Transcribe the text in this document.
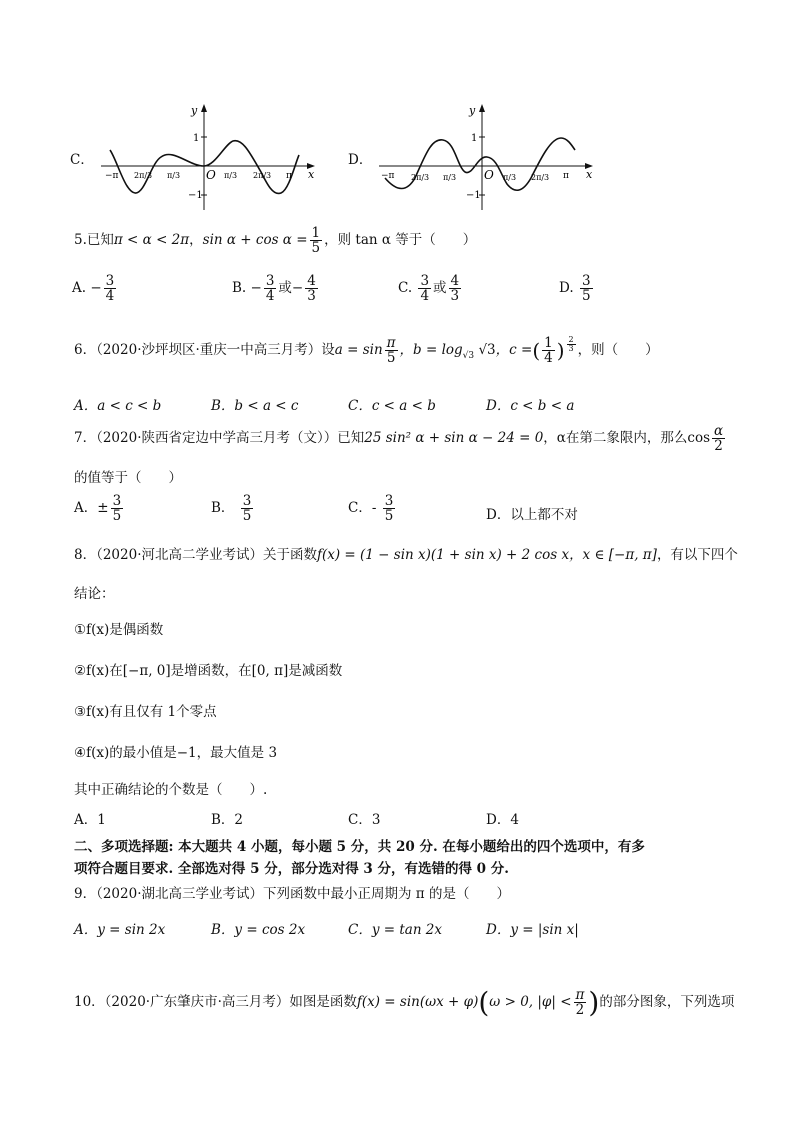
C．
y
x
O
1
−1
−π 2π/3 π/3	π/3 2π/3 π
D．
y
x
O
1
−1
−π 2π/3 π/3	π/3 2π/3 π
5.已知π < α < 2π，$\sin \alpha + \cos \alpha = \frac{1}{5}$ ，则 tan α 等于（　　）
A. − $\frac{3}{4}$	B. − $\frac{3}{4}$ 或− $\frac{4}{3}$	C. $\frac{3}{4}$ 或 $\frac{4}{3}$	D. $\frac{3}{5}$
6．（2020·沙坪坝区·重庆一中高三月考）设$a = \sin \frac{\pi}{5}$ ，$b = \log_{√3} √3$，c =( $\frac{1}{4}$ ) $\frac{2}{3}$ ，则（　　）
A．a < c < b	B．b < a < c	C．c < a < b	D．c < b < a
7．（2020·陕西省定边中学高三月考（文））已知25 sin² α + sin α − 24 = 0，α在第二象限内，那么$\cos \frac{\alpha}{2}$
的值等于（　　）
A．± $\frac{3}{5}$	B． $\frac{3}{5}$	C．- $\frac{3}{5}$	D．以上都不对
8．（2020·河北高二学业考试）关于函数f(x) = (1 − sin x)(1 + sin x) + 2 cos x，x ∈ [−π, π]，有以下四个
结论：
①f(x)是偶函数
②f(x)在[−π, 0]是增函数，在[0, π]是减函数
③f(x)有且仅有 1个零点
④f(x)的最小值是−1，最大值是 3
其中正确结论的个数是（　　）.
A．1	B．2	C．3	D．4
二、多项选择题: 本大题共 4 小题，每小题 5 分，共 20 分. 在每小题给出的四个选项中，有多
项符合题目要求. 全部选对得 5 分，部分选对得 3 分，有选错的得 0 分.
9．（2020·湖北高三学业考试）下列函数中最小正周期为 π 的是（　　）
A．y = sin 2x	B．y = cos 2x	C．y = tan 2x	D．y = |sin x|
10．（2020·广东肇庆市·高三月考）如图是函数f(x) = sin(ωx + φ)(ω > 0, $|\varphi| < \frac{\pi}{2}$ )的部分图象，下列选项
